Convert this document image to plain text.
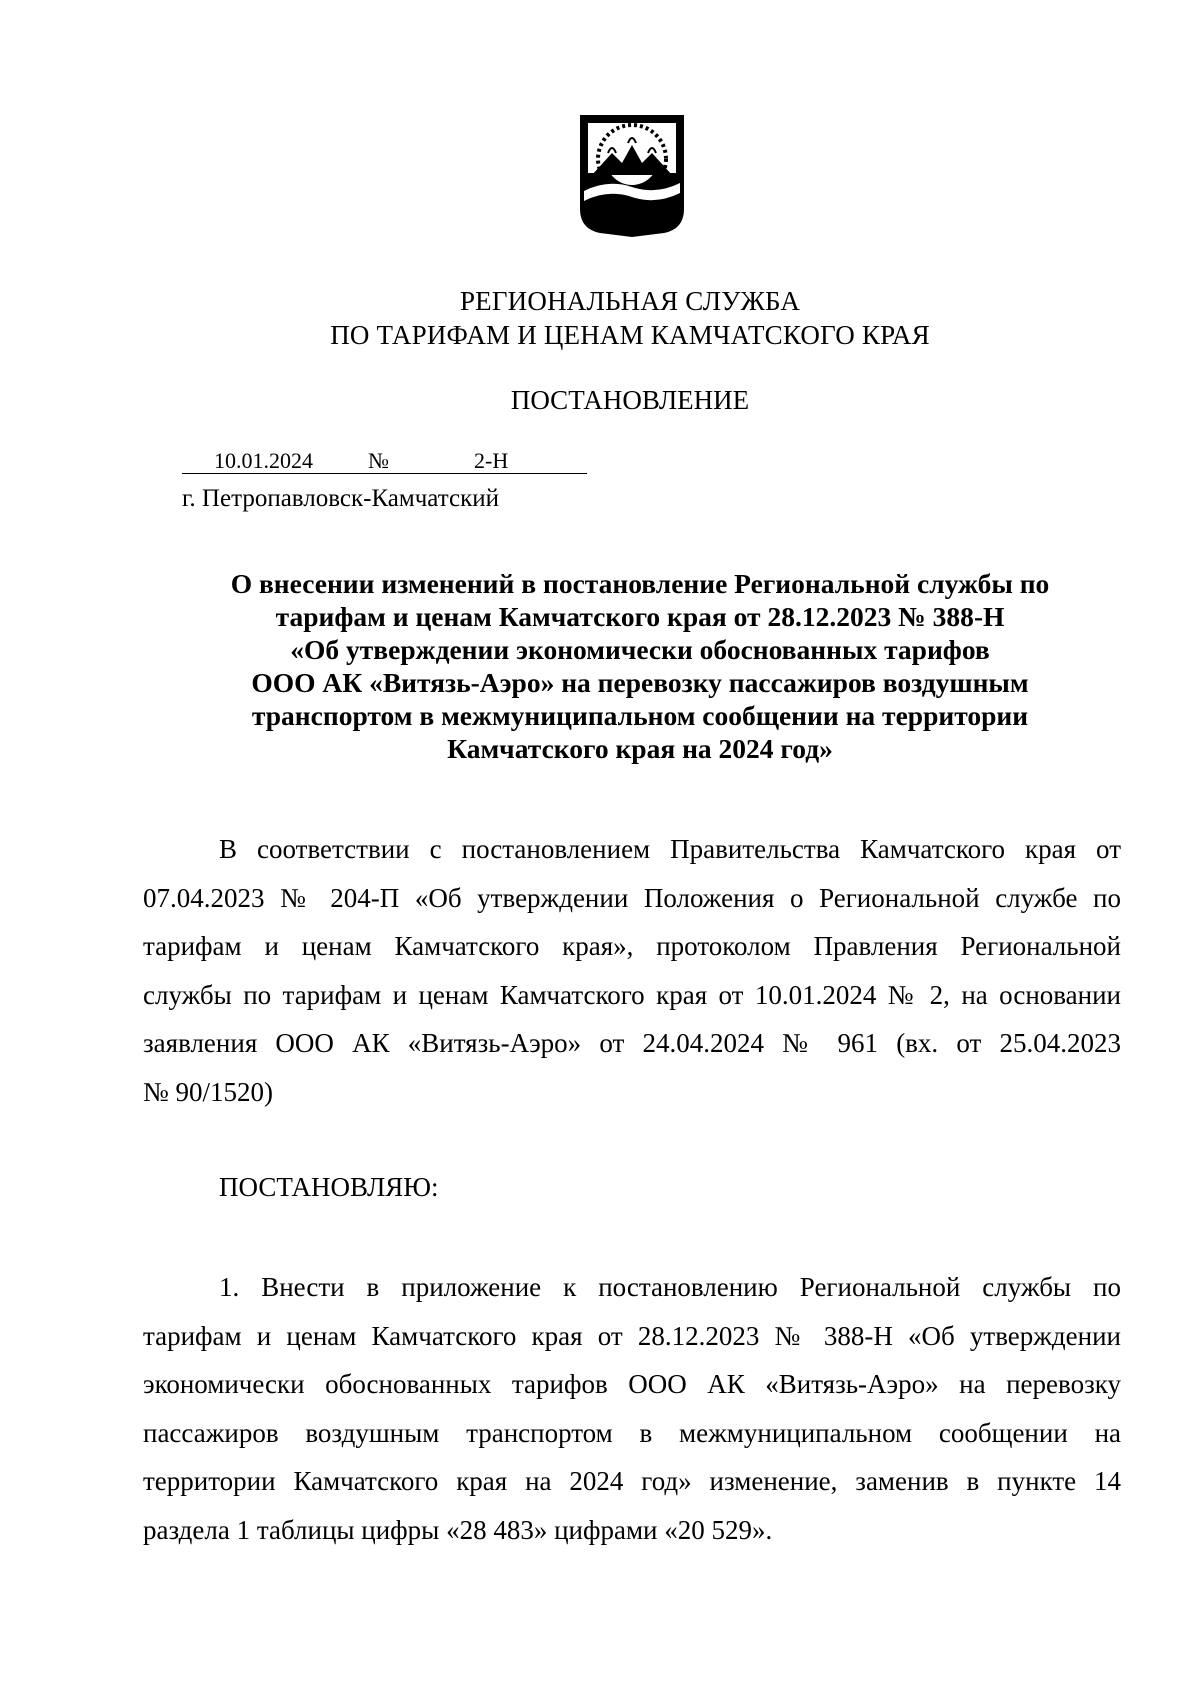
РЕГИОНАЛЬНАЯ СЛУЖБА
ПО ТАРИФАМ И ЦЕНАМ КАМЧАТСКОГО КРАЯ
ПОСТАНОВЛЕНИЕ
10.01.2024	№	2-Н
г. Петропавловск-Камчатский
О внесении изменений в постановление Региональной службы по
тарифам и ценам Камчатского края от 28.12.2023 № 388-Н
«Об утверждении экономически обоснованных тарифов
ООО АК «Витязь-Аэро» на перевозку пассажиров воздушным
транспортом в межмуниципальном сообщении на территории
Камчатского края на 2024 год»
В соответствии с постановлением Правительства Камчатского края от
07.04.2023 № 204-П «Об утверждении Положения о Региональной службе по
тарифам и ценам Камчатского края», протоколом Правления Региональной
службы по тарифам и ценам Камчатского края от 10.01.2024 № 2, на основании
заявления ООО АК «Витязь-Аэро» от 24.04.2024 № 961 (вх. от 25.04.2023
№ 90/1520)
ПОСТАНОВЛЯЮ:
1. Внести в приложение к постановлению Региональной службы по
тарифам и ценам Камчатского края от 28.12.2023 № 388-Н «Об утверждении
экономически обоснованных тарифов ООО АК «Витязь-Аэро» на перевозку
пассажиров воздушным транспортом в межмуниципальном сообщении на
территории Камчатского края на 2024 год» изменение, заменив в пункте 14
раздела 1 таблицы цифры «28 483» цифрами «20 529».
